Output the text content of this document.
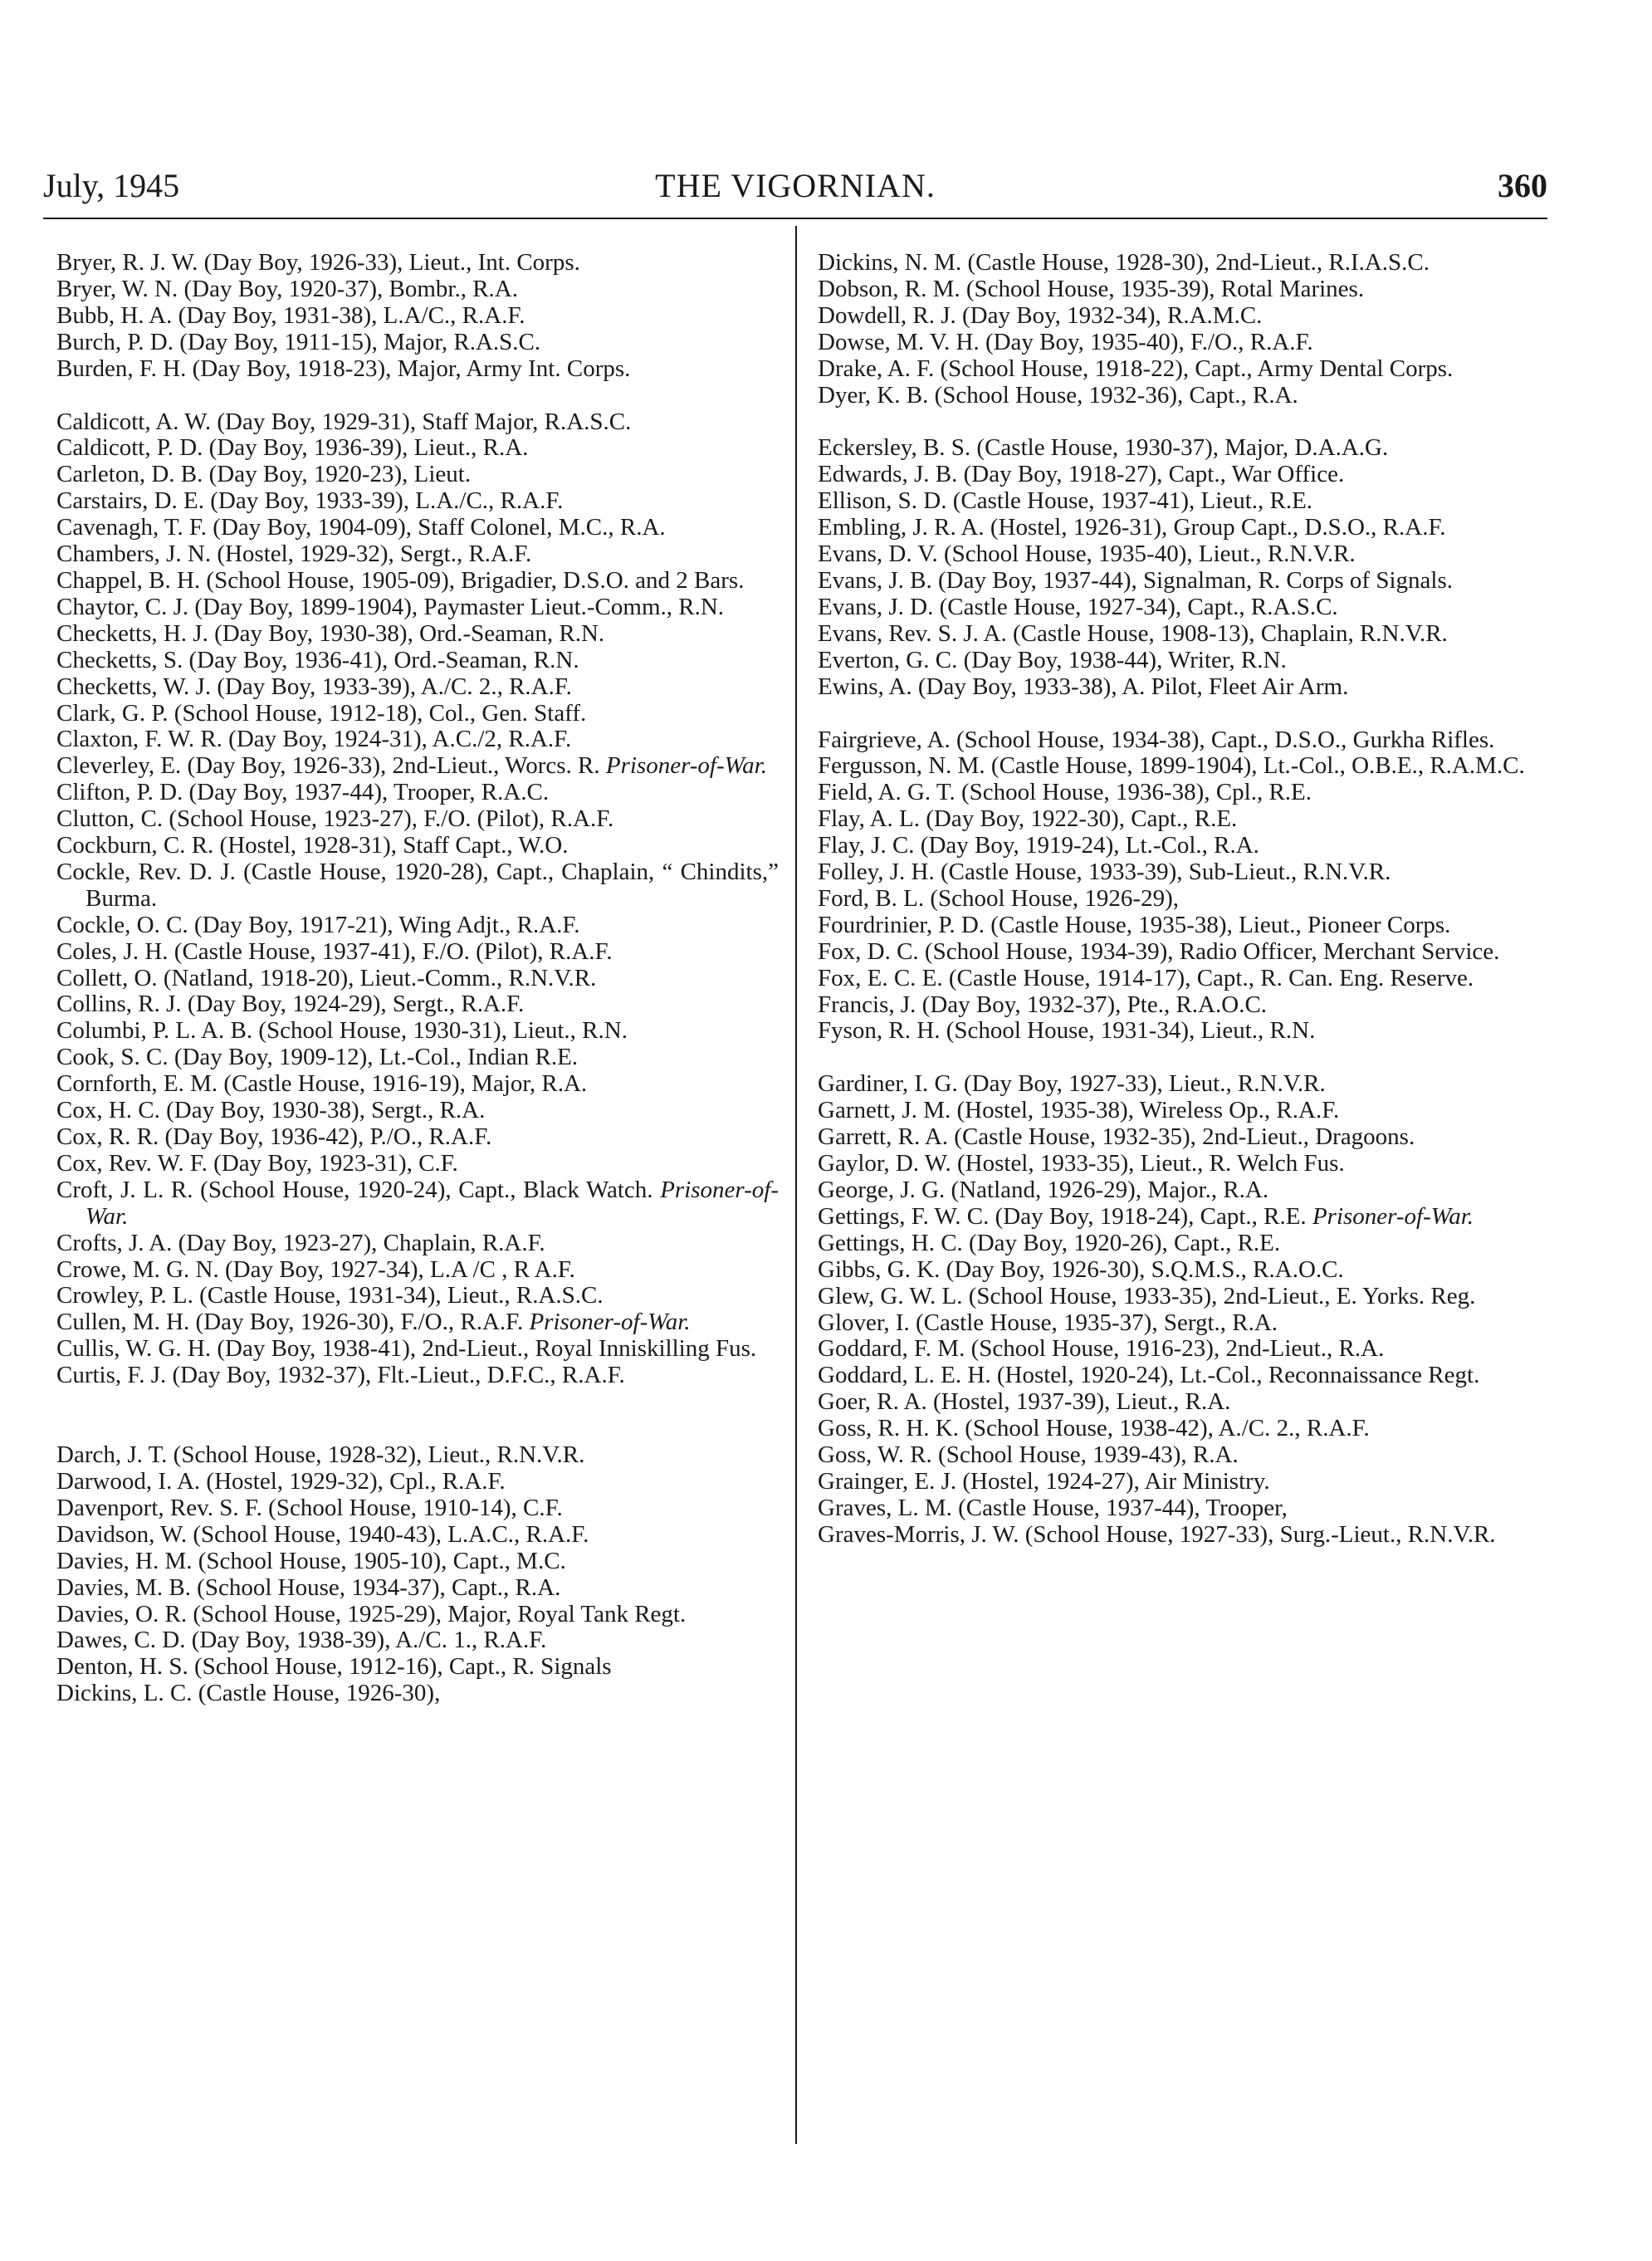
July, 1945	THE VIGORNIAN.	360
Bryer, R. J. W. (Day Boy, 1926-33), Lieut., Int. Corps.
Bryer, W. N. (Day Boy, 1920-37), Bombr., R.A.
Bubb, H. A. (Day Boy, 1931-38), L.A/C., R.A.F.
Burch, P. D. (Day Boy, 1911-15), Major, R.A.S.C.
Burden, F. H. (Day Boy, 1918-23), Major, Army Int. Corps.
Caldicott, A. W. (Day Boy, 1929-31), Staff Major, R.A.S.C.
Caldicott, P. D. (Day Boy, 1936-39), Lieut., R.A.
Carleton, D. B. (Day Boy, 1920-23), Lieut.
Carstairs, D. E. (Day Boy, 1933-39), L.A./C., R.A.F.
Cavenagh, T. F. (Day Boy, 1904-09), Staff Colonel, M.C., R.A.
Chambers, J. N. (Hostel, 1929-32), Sergt., R.A.F.
Chappel, B. H. (School House, 1905-09), Brigadier, D.S.O. and 2 Bars.
Chaytor, C. J. (Day Boy, 1899-1904), Paymaster Lieut.-Comm., R.N.
Checketts, H. J. (Day Boy, 1930-38), Ord.-Seaman, R.N.
Checketts, S. (Day Boy, 1936-41), Ord.-Seaman, R.N.
Checketts, W. J. (Day Boy, 1933-39), A./C. 2., R.A.F.
Clark, G. P. (School House, 1912-18), Col., Gen. Staff.
Claxton, F. W. R. (Day Boy, 1924-31), A.C./2, R.A.F.
Cleverley, E. (Day Boy, 1926-33), 2nd-Lieut., Worcs. R. Prisoner-of-War.
Clifton, P. D. (Day Boy, 1937-44), Trooper, R.A.C.
Clutton, C. (School House, 1923-27), F./O. (Pilot), R.A.F.
Cockburn, C. R. (Hostel, 1928-31), Staff Capt., W.O.
Cockle, Rev. D. J. (Castle House, 1920-28), Capt., Chaplain, “ Chindits,” Burma.
Cockle, O. C. (Day Boy, 1917-21), Wing Adjt., R.A.F.
Coles, J. H. (Castle House, 1937-41), F./O. (Pilot), R.A.F.
Collett, O. (Natland, 1918-20), Lieut.-Comm., R.N.V.R.
Collins, R. J. (Day Boy, 1924-29), Sergt., R.A.F.
Columbi, P. L. A. B. (School House, 1930-31), Lieut., R.N.
Cook, S. C. (Day Boy, 1909-12), Lt.-Col., Indian R.E.
Cornforth, E. M. (Castle House, 1916-19), Major, R.A.
Cox, H. C. (Day Boy, 1930-38), Sergt., R.A.
Cox, R. R. (Day Boy, 1936-42), P./O., R.A.F.
Cox, Rev. W. F. (Day Boy, 1923-31), C.F.
Croft, J. L. R. (School House, 1920-24), Capt., Black Watch. Prisoner-of-War.
Crofts, J. A. (Day Boy, 1923-27), Chaplain, R.A.F.
Crowe, M. G. N. (Day Boy, 1927-34), L.A /C , R A.F.
Crowley, P. L. (Castle House, 1931-34), Lieut., R.A.S.C.
Cullen, M. H. (Day Boy, 1926-30), F./O., R.A.F. Prisoner-of-War.
Cullis, W. G. H. (Day Boy, 1938-41), 2nd-Lieut., Royal Inniskilling Fus.
Curtis, F. J. (Day Boy, 1932-37), Flt.-Lieut., D.F.C., R.A.F.
Darch, J. T. (School House, 1928-32), Lieut., R.N.V.R.
Darwood, I. A. (Hostel, 1929-32), Cpl., R.A.F.
Davenport, Rev. S. F. (School House, 1910-14), C.F.
Davidson, W. (School House, 1940-43), L.A.C., R.A.F.
Davies, H. M. (School House, 1905-10), Capt., M.C.
Davies, M. B. (School House, 1934-37), Capt., R.A.
Davies, O. R. (School House, 1925-29), Major, Royal Tank Regt.
Dawes, C. D. (Day Boy, 1938-39), A./C. 1., R.A.F.
Denton, H. S. (School House, 1912-16), Capt., R. Signals
Dickins, L. C. (Castle House, 1926-30),
Dickins, N. M. (Castle House, 1928-30), 2nd-Lieut., R.I.A.S.C.
Dobson, R. M. (School House, 1935-39), Rotal Marines.
Dowdell, R. J. (Day Boy, 1932-34), R.A.M.C.
Dowse, M. V. H. (Day Boy, 1935-40), F./O., R.A.F.
Drake, A. F. (School House, 1918-22), Capt., Army Dental Corps.
Dyer, K. B. (School House, 1932-36), Capt., R.A.
Eckersley, B. S. (Castle House, 1930-37), Major, D.A.A.G.
Edwards, J. B. (Day Boy, 1918-27), Capt., War Office.
Ellison, S. D. (Castle House, 1937-41), Lieut., R.E.
Embling, J. R. A. (Hostel, 1926-31), Group Capt., D.S.O., R.A.F.
Evans, D. V. (School House, 1935-40), Lieut., R.N.V.R.
Evans, J. B. (Day Boy, 1937-44), Signalman, R. Corps of Signals.
Evans, J. D. (Castle House, 1927-34), Capt., R.A.S.C.
Evans, Rev. S. J. A. (Castle House, 1908-13), Chaplain, R.N.V.R.
Everton, G. C. (Day Boy, 1938-44), Writer, R.N.
Ewins, A. (Day Boy, 1933-38), A. Pilot, Fleet Air Arm.
Fairgrieve, A. (School House, 1934-38), Capt., D.S.O., Gurkha Rifles.
Fergusson, N. M. (Castle House, 1899-1904), Lt.-Col., O.B.E., R.A.M.C.
Field, A. G. T. (School House, 1936-38), Cpl., R.E.
Flay, A. L. (Day Boy, 1922-30), Capt., R.E.
Flay, J. C. (Day Boy, 1919-24), Lt.-Col., R.A.
Folley, J. H. (Castle House, 1933-39), Sub-Lieut., R.N.V.R.
Ford, B. L. (School House, 1926-29),
Fourdrinier, P. D. (Castle House, 1935-38), Lieut., Pioneer Corps.
Fox, D. C. (School House, 1934-39), Radio Officer, Merchant Service.
Fox, E. C. E. (Castle House, 1914-17), Capt., R. Can. Eng. Reserve.
Francis, J. (Day Boy, 1932-37), Pte., R.A.O.C.
Fyson, R. H. (School House, 1931-34), Lieut., R.N.
Gardiner, I. G. (Day Boy, 1927-33), Lieut., R.N.V.R.
Garnett, J. M. (Hostel, 1935-38), Wireless Op., R.A.F.
Garrett, R. A. (Castle House, 1932-35), 2nd-Lieut., Dragoons.
Gaylor, D. W. (Hostel, 1933-35), Lieut., R. Welch Fus.
George, J. G. (Natland, 1926-29), Major., R.A.
Gettings, F. W. C. (Day Boy, 1918-24), Capt., R.E. Prisoner-of-War.
Gettings, H. C. (Day Boy, 1920-26), Capt., R.E.
Gibbs, G. K. (Day Boy, 1926-30), S.Q.M.S., R.A.O.C.
Glew, G. W. L. (School House, 1933-35), 2nd-Lieut., E. Yorks. Reg.
Glover, I. (Castle House, 1935-37), Sergt., R.A.
Goddard, F. M. (School House, 1916-23), 2nd-Lieut., R.A.
Goddard, L. E. H. (Hostel, 1920-24), Lt.-Col., Reconnaissance Regt.
Goer, R. A. (Hostel, 1937-39), Lieut., R.A.
Goss, R. H. K. (School House, 1938-42), A./C. 2., R.A.F.
Goss, W. R. (School House, 1939-43), R.A.
Grainger, E. J. (Hostel, 1924-27), Air Ministry.
Graves, L. M. (Castle House, 1937-44), Trooper,
Graves-Morris, J. W. (School House, 1927-33), Surg.-Lieut., R.N.V.R.
